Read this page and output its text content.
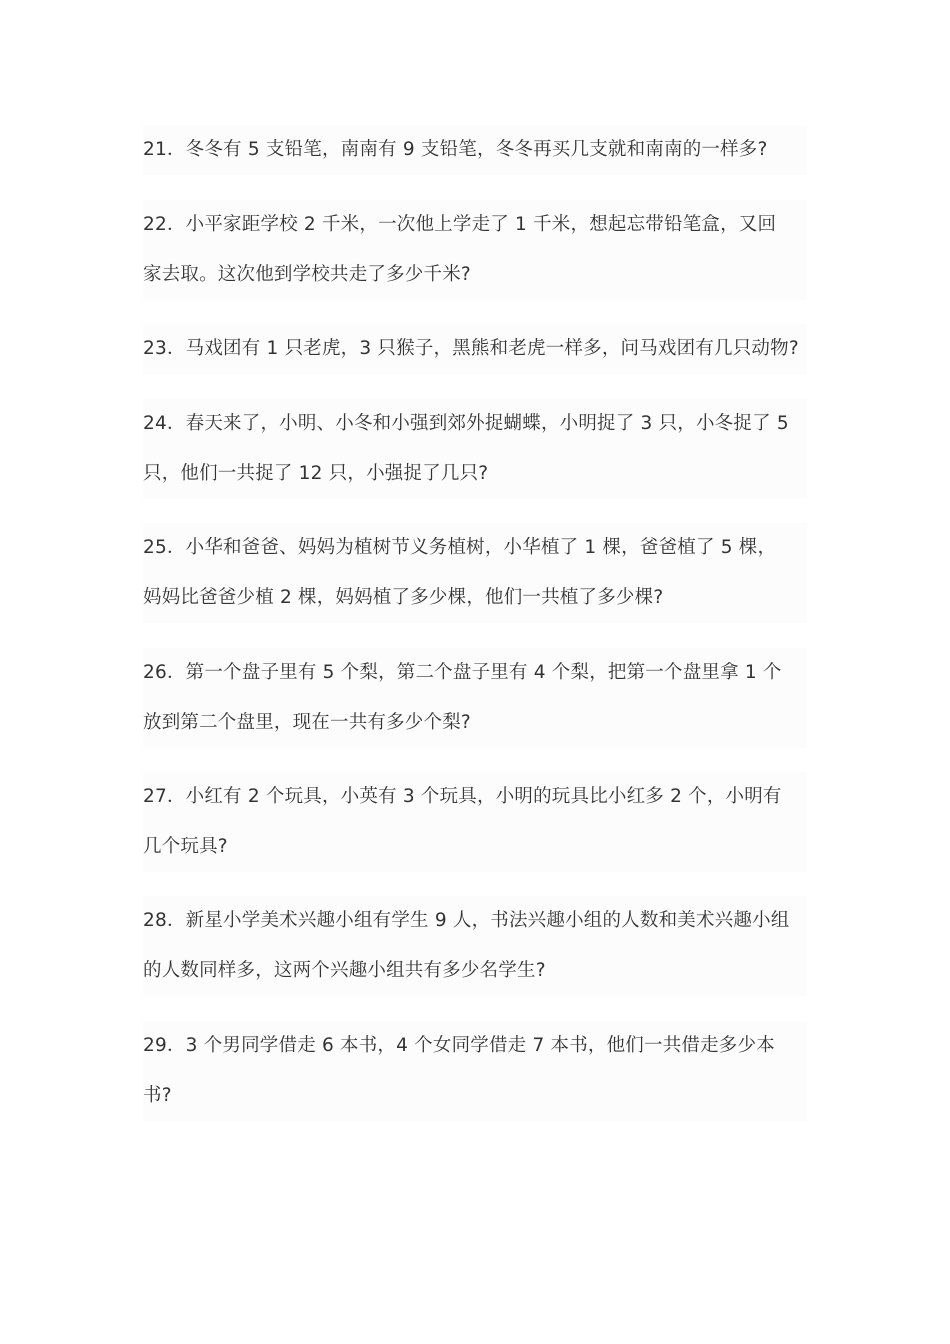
21．冬冬有 5 支铅笔，南南有 9 支铅笔，冬冬再买几支就和南南的一样多?
22．小平家距学校 2 千米，一次他上学走了 1 千米，想起忘带铅笔盒，又回
家去取。这次他到学校共走了多少千米?
23．马戏团有 1 只老虎，3 只猴子，黑熊和老虎一样多，问马戏团有几只动物?
24．春天来了，小明、小冬和小强到郊外捉蝴蝶，小明捉了 3 只，小冬捉了 5
只，他们一共捉了 12 只，小强捉了几只?
25．小华和爸爸、妈妈为植树节义务植树，小华植了 1 棵，爸爸植了 5 棵，
妈妈比爸爸少植 2 棵，妈妈植了多少棵，他们一共植了多少棵?
26．第一个盘子里有 5 个梨，第二个盘子里有 4 个梨，把第一个盘里拿 1 个
放到第二个盘里，现在一共有多少个梨?
27．小红有 2 个玩具，小英有 3 个玩具，小明的玩具比小红多 2 个，小明有
几个玩具?
28．新星小学美术兴趣小组有学生 9 人，书法兴趣小组的人数和美术兴趣小组
的人数同样多，这两个兴趣小组共有多少名学生?
29．3 个男同学借走 6 本书，4 个女同学借走 7 本书，他们一共借走多少本
书?
